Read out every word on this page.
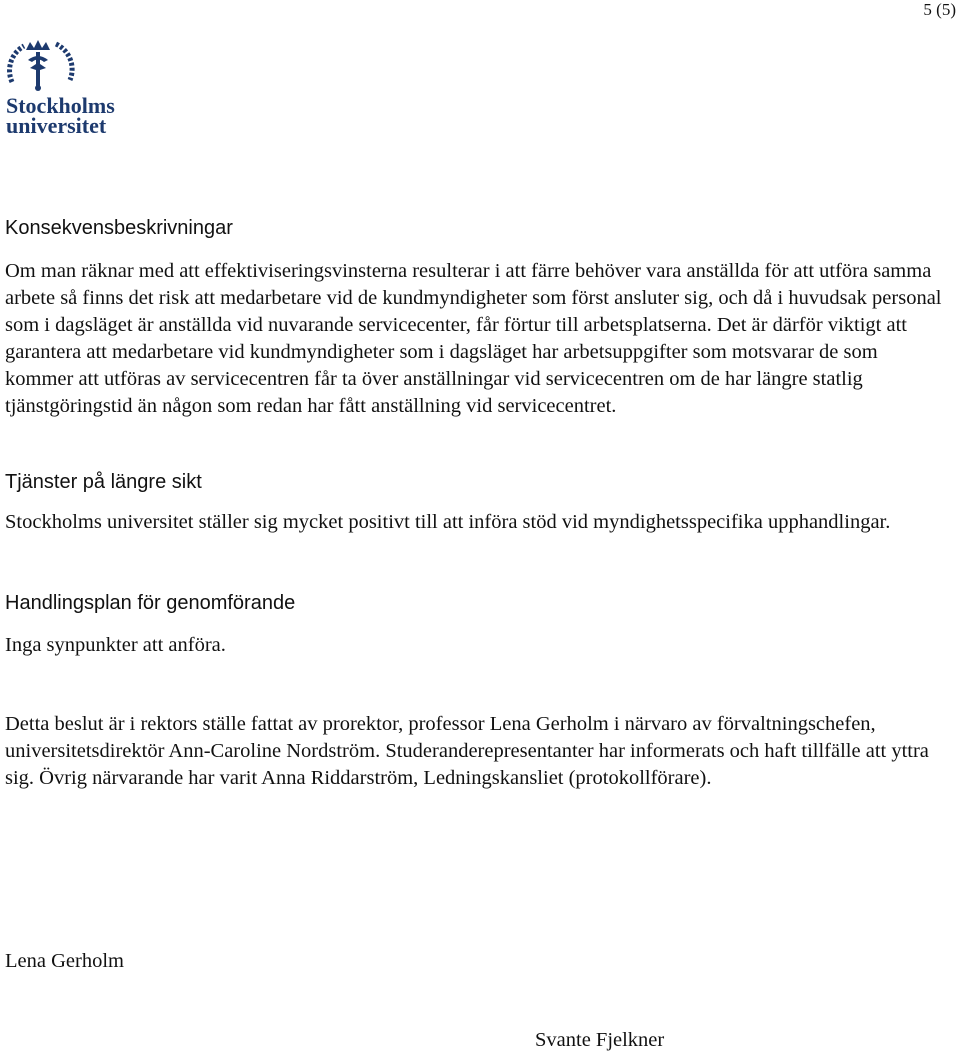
5 (5)
Stockholms
universitet
Konsekvensbeskrivningar

Om man räknar med att effektiviseringsvinsterna resulterar i att färre behöver vara anställda för att utföra samma arbete så finns det risk att medarbetare vid de kundmyndigheter som först ansluter sig, och då i huvudsak personal som i dagsläget är anställda vid nuvarande servicecenter, får förtur till arbetsplatserna. Det är därför viktigt att garantera att medarbetare vid kundmyndigheter som i dagsläget har arbetsuppgifter som motsvarar de som kommer att utföras av servicecentren får ta över anställningar vid servicecentren om de har längre statlig tjänstgöringstid än någon som redan har fått anställning vid servicecentret.

Tjänster på längre sikt

Stockholms universitet ställer sig mycket positivt till att införa stöd vid myndighetsspecifika upphandlingar.

Handlingsplan för genomförande

Inga synpunkter att anföra.

Detta beslut är i rektors ställe fattat av prorektor, professor Lena Gerholm i närvaro av förvaltningschefen, universitetsdirektör Ann-Caroline Nordström. Studeranderepresentanter har informerats och haft tillfälle att yttra sig. Övrig närvarande har varit Anna Riddarström, Ledningskansliet (protokollförare).

Lena Gerholm
Svante Fjelkner
